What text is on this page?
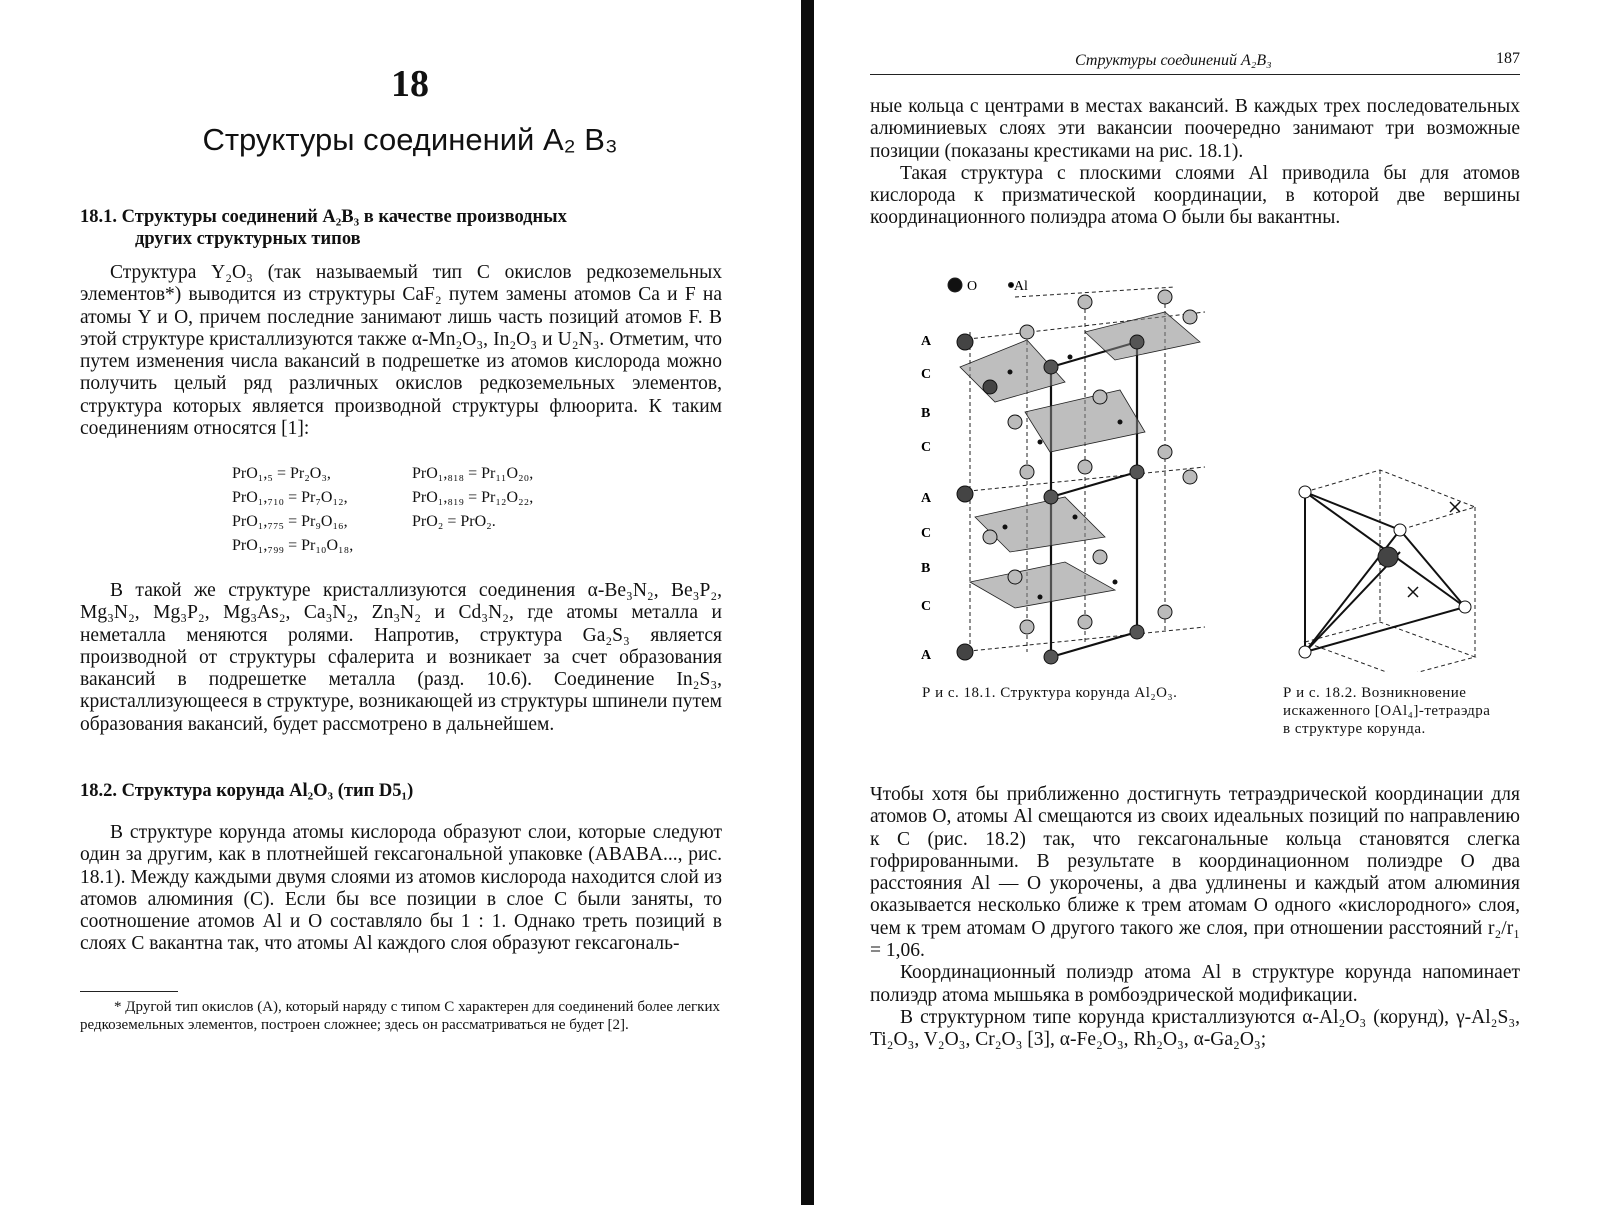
18
Структуры соединений A₂ B₃
18.1. Структуры соединений A₂B₃ в качестве производных
других структурных типов

Структура Y₂O₃ (так называемый тип C окислов редкоземельных элементов*) выводится из структуры CaF₂ путем замены атомов Ca и F на атомы Y и O, причем последние занимают лишь часть позиций атомов F. В этой структуре кристаллизуются также α-Mn₂O₃, In₂O₃ и U₂N₃. Отметим, что путем изменения числа вакансий в подрешетке из атомов кислорода можно получить целый ряд различных окислов редкоземельных элементов, структура которых является производной структуры флюорита. К таким соединениям относятся [1]:

PrO₁,₅ = Pr₂O₃,	PrO₁,₈₁₈ = Pr₁₁O₂₀,
PrO₁,₇₁₀ = Pr₇O₁₂,	PrO₁,₈₁₉ = Pr₁₂O₂₂,
PrO₁,₇₇₅ = Pr₉O₁₆,	PrO₂ = PrO₂.
PrO₁,₇₉₉ = Pr₁₀O₁₈,

В такой же структуре кристаллизуются соединения α-Be₃N₂, Be₃P₂, Mg₃N₂, Mg₃P₂, Mg₃As₂, Ca₃N₂, Zn₃N₂ и Cd₃N₂, где атомы металла и неметалла меняются ролями. Напротив, структура Ga₂S₃ является производной от структуры сфалерита и возникает за счет образования вакансий в подрешетке металла (разд. 10.6). Соединение In₂S₃, кристаллизующееся в структуре, возникающей из структуры шпинели путем образования вакансий, будет рассмотрено в дальнейшем.

18.2. Структура корунда Al₂O₃ (тип D5₁)

В структуре корунда атомы кислорода образуют слои, которые следуют один за другим, как в плотнейшей гексагональной упаковке (ABABA..., рис. 18.1). Между каждыми двумя слоями из атомов кислорода находится слой из атомов алюминия (C). Если бы все позиции в слое C были заняты, то соотношение атомов Al и O составляло бы 1 : 1. Однако треть позиций в слоях C вакантна так, что атомы Al каждого слоя образуют гексагональ-

* Другой тип окислов (A), который наряду с типом C характерен для соединений более легких редкоземельных элементов, построен сложнее; здесь он рассматриваться не будет [2].

Структуры соединений A₂B₃	187

ные кольца с центрами в местах вакансий. В каждых трех последовательных алюминиевых слоях эти вакансии поочередно занимают три возможные позиции (показаны крестиками на рис. 18.1).

Такая структура с плоскими слоями Al приводила бы для атомов кислорода к призматической координации, в которой две вершины координационного полиэдра атома O были бы вакантны.

O •Al
A
C
B
C
A
C
B
C
A
Р и с. 18.1. Структура корунда Al₂O₃.	Р и с. 18.2. Возникновение искаженного [OAl₄]-тетраэдра в структуре корунда.

Чтобы хотя бы приближенно достигнуть тетраэдрической координации для атомов O, атомы Al смещаются из своих идеальных позиций по направлению к C (рис. 18.2) так, что гексагональные кольца становятся слегка гофрированными. В результате в координационном полиэдре O два расстояния Al — O укорочены, а два удлинены и каждый атом алюминия оказывается несколько ближе к трем атомам O одного «кислородного» слоя, чем к трем атомам O другого такого же слоя, при отношении расстояний r₂/r₁ = 1,06.

Координационный полиэдр атома Al в структуре корунда напоминает полиэдр атома мышьяка в ромбоэдрической модификации.

В структурном типе корунда кристаллизуются α-Al₂O₃ (корунд), γ-Al₂S₃, Ti₂O₃, V₂O₃, Cr₂O₃ [3], α-Fe₂O₃, Rh₂O₃, α-Ga₂O₃;
